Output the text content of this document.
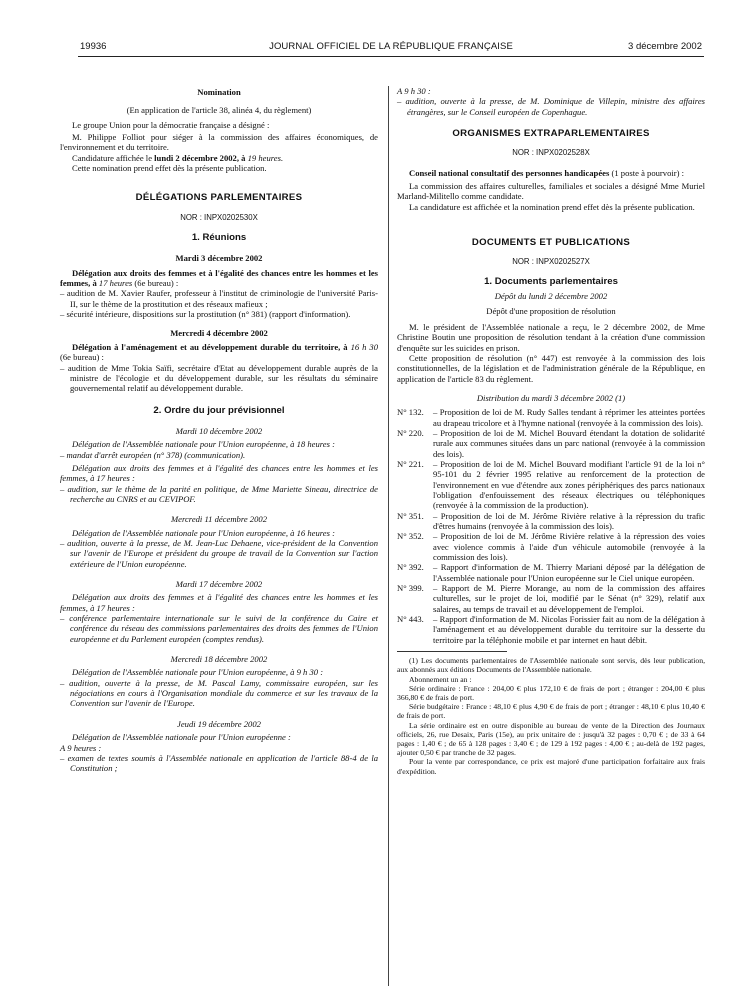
19936	JOURNAL OFFICIEL DE LA RÉPUBLIQUE FRANÇAISE	3 décembre 2002
Nomination
(En application de l'article 38, alinéa 4, du règlement)
Le groupe Union pour la démocratie française a désigné :
M. Philippe Folliot pour siéger à la commission des affaires économiques, de l'environnement et du territoire.
Candidature affichée le lundi 2 décembre 2002, à 19 heures.
Cette nomination prend effet dès la présente publication.
DÉLÉGATIONS PARLEMENTAIRES
NOR : INPX0202530X
1. Réunions
Mardi 3 décembre 2002
Délégation aux droits des femmes et à l'égalité des chances entre les hommes et les femmes, à 17 heures (6e bureau) :
– audition de M. Xavier Raufer, professeur à l'institut de criminologie de l'université Paris-II, sur le thème de la prostitution et des réseaux mafieux ;
– sécurité intérieure, dispositions sur la prostitution (n° 381) (rapport d'information).
Mercredi 4 décembre 2002
Délégation à l'aménagement et au développement durable du territoire, à 16 h 30 (6e bureau) :
– audition de Mme Tokia Saïfi, secrétaire d'Etat au développement durable auprès de la ministre de l'écologie et du développement durable, sur les résultats du séminaire gouvernemental relatif au développement durable.
2. Ordre du jour prévisionnel
Mardi 10 décembre 2002
Délégation de l'Assemblée nationale pour l'Union européenne, à 18 heures :
– mandat d'arrêt européen (n° 378) (communication).
Délégation aux droits des femmes et à l'égalité des chances entre les hommes et les femmes, à 17 heures :
– audition, sur le thème de la parité en politique, de Mme Mariette Sineau, directrice de recherche au CNRS et au CEVIPOF.
Mercredi 11 décembre 2002
Délégation de l'Assemblée nationale pour l'Union européenne, à 16 heures :
– audition, ouverte à la presse, de M. Jean-Luc Dehaene, vice-président de la Convention sur l'avenir de l'Europe et président du groupe de travail de la Convention sur l'action extérieure de l'Union européenne.
Mardi 17 décembre 2002
Délégation aux droits des femmes et à l'égalité des chances entre les hommes et les femmes, à 17 heures :
– conférence parlementaire internationale sur le suivi de la conférence du Caire et conférence du réseau des commissions parlementaires des droits des femmes de l'Union européenne et du Parlement européen (comptes rendus).
Mercredi 18 décembre 2002
Délégation de l'Assemblée nationale pour l'Union européenne, à 9 h 30 :
– audition, ouverte à la presse, de M. Pascal Lamy, commissaire européen, sur les négociations en cours à l'Organisation mondiale du commerce et sur les travaux de la Convention sur l'avenir de l'Europe.
Jeudi 19 décembre 2002
Délégation de l'Assemblée nationale pour l'Union européenne :
A 9 heures :
– examen de textes soumis à l'Assemblée nationale en application de l'article 88-4 de la Constitution ;
A 9 h 30 :
– audition, ouverte à la presse, de M. Dominique de Villepin, ministre des affaires étrangères, sur le Conseil européen de Copenhague.
ORGANISMES EXTRAPARLEMENTAIRES
NOR : INPX0202528X
Conseil national consultatif des personnes handicapées (1 poste à pourvoir) :
La commission des affaires culturelles, familiales et sociales a désigné Mme Muriel Marland-Militello comme candidate.
La candidature est affichée et la nomination prend effet dès la présente publication.
DOCUMENTS ET PUBLICATIONS
NOR : INPX0202527X
1. Documents parlementaires
Dépôt du lundi 2 décembre 2002
Dépôt d'une proposition de résolution
M. le président de l'Assemblée nationale a reçu, le 2 décembre 2002, de Mme Christine Boutin une proposition de résolution tendant à la création d'une commission d'enquête sur les suicides en prison.
Cette proposition de résolution (n° 447) est renvoyée à la commission des lois constitutionnelles, de la législation et de l'administration générale de la République, en application de l'article 83 du règlement.
Distribution du mardi 3 décembre 2002 (1)
N° 132.	– Proposition de loi de M. Rudy Salles tendant à réprimer les atteintes portées au drapeau tricolore et à l'hymne national (renvoyée à la commission des lois).
N° 220.	– Proposition de loi de M. Michel Bouvard étendant la dotation de solidarité rurale aux communes situées dans un parc national (renvoyée à la commission des lois).
N° 221.	– Proposition de loi de M. Michel Bouvard modifiant l'article 91 de la loi n° 95-101 du 2 février 1995 relative au renforcement de la protection de l'environnement en vue d'étendre aux zones périphériques des parcs nationaux l'obligation d'enfouissement des réseaux électriques ou téléphoniques (renvoyée à la commission de la production).
N° 351.	– Proposition de loi de M. Jérôme Rivière relative à la répression du trafic d'êtres humains (renvoyée à la commission des lois).
N° 352.	– Proposition de loi de M. Jérôme Rivière relative à la répression des voies avec violence commis à l'aide d'un véhicule automobile (renvoyée à la commission des lois).
N° 392.	– Rapport d'information de M. Thierry Mariani déposé par la délégation de l'Assemblée nationale pour l'Union européenne sur le Ciel unique européen.
N° 399.	– Rapport de M. Pierre Morange, au nom de la commission des affaires culturelles, sur le projet de loi, modifié par le Sénat (n° 329), relatif aux salaires, au temps de travail et au développement de l'emploi.
N° 443.	– Rapport d'information de M. Nicolas Forissier fait au nom de la délégation à l'aménagement et au développement durable du territoire sur la desserte du territoire par la téléphonie mobile et par internet en haut débit.
(1) Les documents parlementaires de l'Assemblée nationale sont servis, dès leur publication, aux abonnés aux éditions Documents de l'Assemblée nationale.
Abonnement un an :
Série ordinaire : France : 204,00 € plus 172,10 € de frais de port ; étranger : 204,00 € plus 366,80 € de frais de port.
Série budgétaire : France : 48,10 € plus 4,90 € de frais de port ; étranger : 48,10 € plus 10,40 € de frais de port.
La série ordinaire est en outre disponible au bureau de vente de la Direction des Journaux officiels, 26, rue Desaix, Paris (15e), au prix unitaire de : jusqu'à 32 pages : 0,70 € ; de 33 à 64 pages : 1,40 € ; de 65 à 128 pages : 3,40 € ; de 129 à 192 pages : 4,00 € ; au-delà de 192 pages, ajouter 0,50 € par tranche de 32 pages.
Pour la vente par correspondance, ce prix est majoré d'une participation forfaitaire aux frais d'expédition.
